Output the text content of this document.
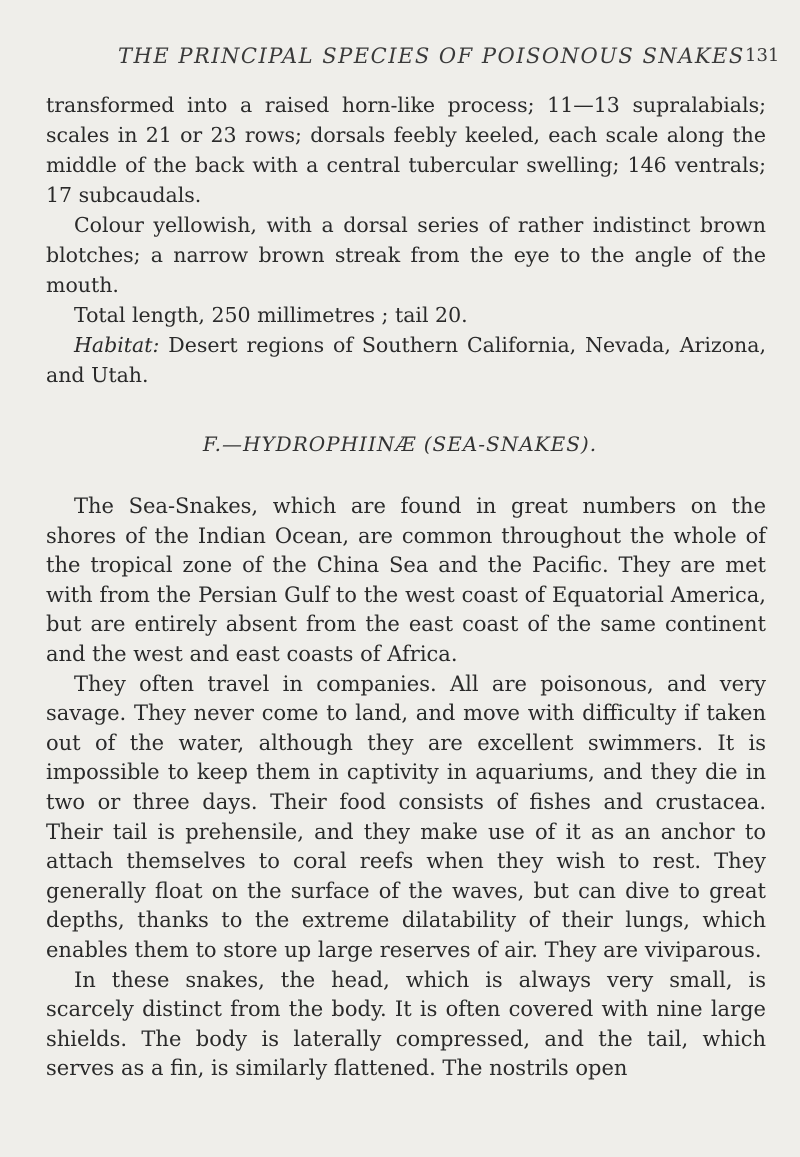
THE PRINCIPAL SPECIES OF POISONOUS SNAKES 131

transformed into a raised horn-like process; 11—13 supralabials; scales in 21 or 23 rows; dorsals feebly keeled, each scale along the middle of the back with a central tubercular swelling; 146 ventrals; 17 subcaudals.

Colour yellowish, with a dorsal series of rather indistinct brown blotches; a narrow brown streak from the eye to the angle of the mouth.

Total length, 250 millimetres ; tail 20.

Habitat: Desert regions of Southern California, Nevada, Arizona, and Utah.

F.—HYDROPHIINÆ (SEA-SNAKES).

The Sea-Snakes, which are found in great numbers on the shores of the Indian Ocean, are common throughout the whole of the tropical zone of the China Sea and the Pacific. They are met with from the Persian Gulf to the west coast of Equatorial America, but are entirely absent from the east coast of the same continent and the west and east coasts of Africa.

They often travel in companies. All are poisonous, and very savage. They never come to land, and move with difficulty if taken out of the water, although they are excellent swimmers. It is impossible to keep them in captivity in aquariums, and they die in two or three days. Their food consists of fishes and crustacea. Their tail is prehensile, and they make use of it as an anchor to attach themselves to coral reefs when they wish to rest. They generally float on the surface of the waves, but can dive to great depths, thanks to the extreme dilatability of their lungs, which enables them to store up large reserves of air. They are viviparous.

In these snakes, the head, which is always very small, is scarcely distinct from the body. It is often covered with nine large shields. The body is laterally compressed, and the tail, which serves as a fin, is similarly flattened. The nostrils open
